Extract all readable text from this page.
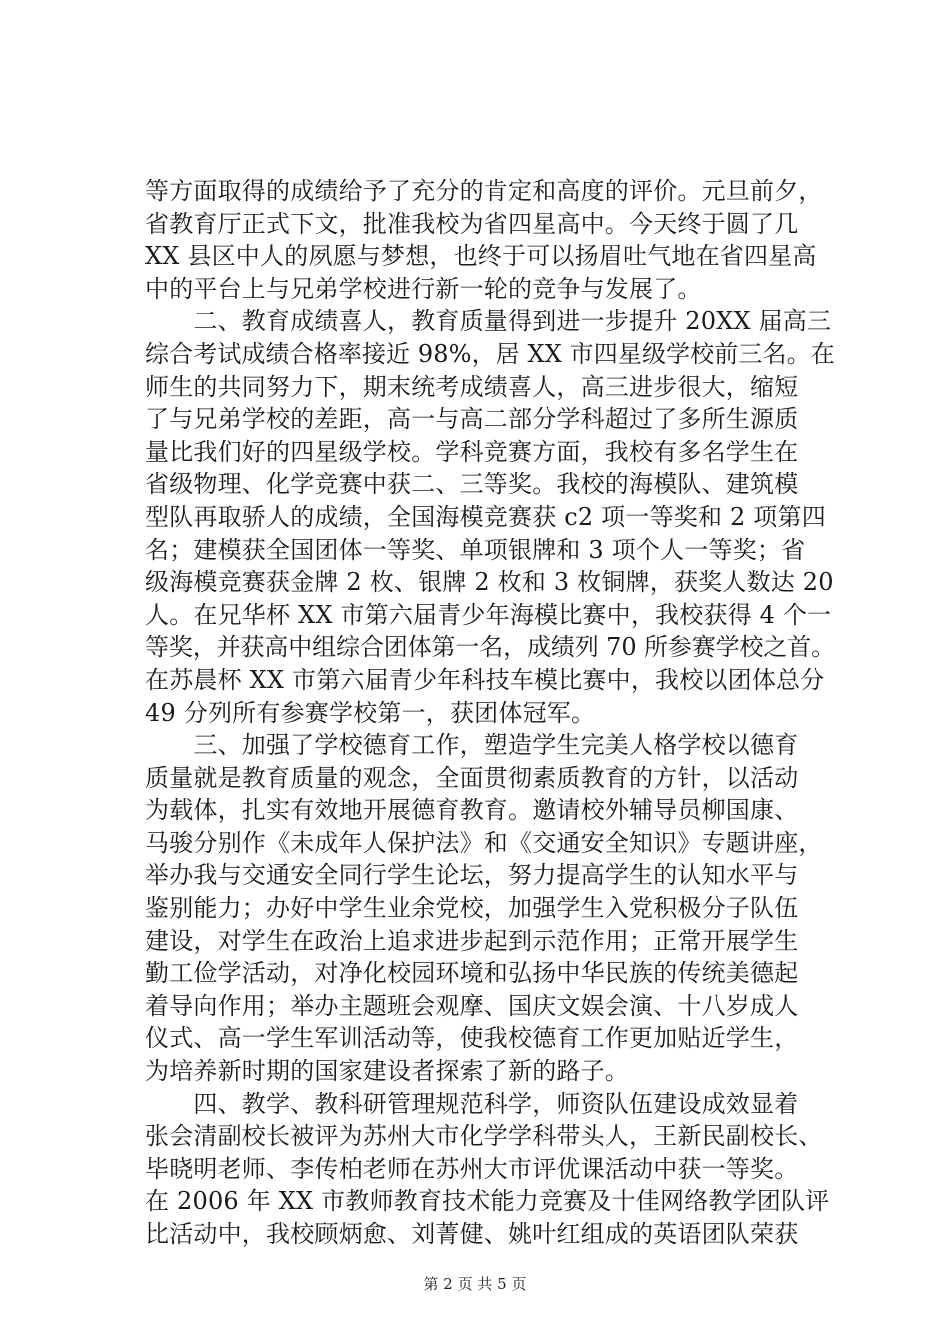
等方面取得的成绩给予了充分的肯定和高度的评价。元旦前夕，
省教育厅正式下文，批准我校为省四星高中。今天终于圆了几
XX 县区中人的夙愿与梦想，也终于可以扬眉吐气地在省四星高
中的平台上与兄弟学校进行新一轮的竞争与发展了。
　　二、教育成绩喜人，教育质量得到进一步提升 20XX 届高三
综合考试成绩合格率接近 98%，居 XX 市四星级学校前三名。在
师生的共同努力下，期末统考成绩喜人，高三进步很大，缩短
了与兄弟学校的差距，高一与高二部分学科超过了多所生源质
量比我们好的四星级学校。学科竞赛方面，我校有多名学生在
省级物理、化学竞赛中获二、三等奖。我校的海模队、建筑模
型队再取骄人的成绩，全国海模竞赛获 c2 项一等奖和 2 项第四
名；建模获全国团体一等奖、单项银牌和 3 项个人一等奖；省
级海模竞赛获金牌 2 枚、银牌 2 枚和 3 枚铜牌，获奖人数达 20
人。在兄华杯 XX 市第六届青少年海模比赛中，我校获得 4 个一
等奖，并获高中组综合团体第一名，成绩列 70 所参赛学校之首。
在苏晨杯 XX 市第六届青少年科技车模比赛中，我校以团体总分
49 分列所有参赛学校第一，获团体冠军。
　　三、加强了学校德育工作，塑造学生完美人格学校以德育
质量就是教育质量的观念，全面贯彻素质教育的方针，以活动
为载体，扎实有效地开展德育教育。邀请校外辅导员柳国康、
马骏分别作《未成年人保护法》和《交通安全知识》专题讲座，
举办我与交通安全同行学生论坛，努力提高学生的认知水平与
鉴别能力；办好中学生业余党校，加强学生入党积极分子队伍
建设，对学生在政治上追求进步起到示范作用；正常开展学生
勤工俭学活动，对净化校园环境和弘扬中华民族的传统美德起
着导向作用；举办主题班会观摩、国庆文娱会演、十八岁成人
仪式、高一学生军训活动等，使我校德育工作更加贴近学生，
为培养新时期的国家建设者探索了新的路子。
　　四、教学、教科研管理规范科学，师资队伍建设成效显着
张会清副校长被评为苏州大市化学学科带头人，王新民副校长、
毕晓明老师、李传柏老师在苏州大市评优课活动中获一等奖。
在 2006 年 XX 市教师教育技术能力竞赛及十佳网络教学团队评
比活动中，我校顾炳愈、刘菁健、姚叶红组成的英语团队荣获
第 2 页 共 5 页
